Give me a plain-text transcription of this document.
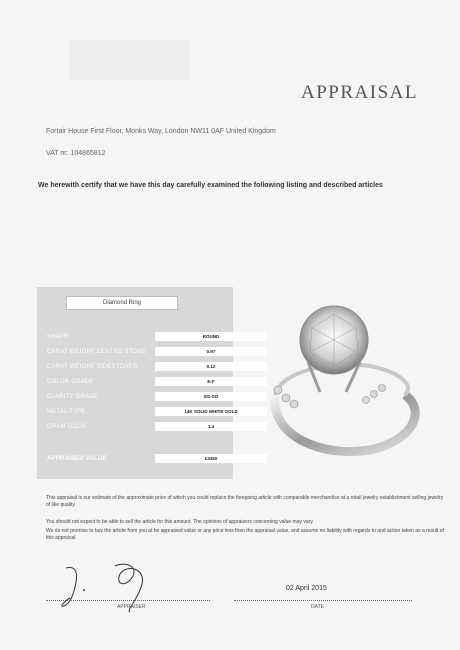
APPRAISAL
Fortair House First Floor, Monks Way, London NW11 0AF United Kingdom
VAT nr: 104865812
We herewith certify that we have this day carefully examined the following listing and described articles
Diamond Ring
SHAPE	ROUND
CARAT WEIGHT CENTRE STONE	0.97
CARAT WEIGHT SIDESTONES	0.12
COLOR GRADE	E-F
CLARITY GRADE	SI1-SI2
METAL TYPE	14K SOLID WHITE GOLD
GRAM GOLD	1.4
APPRAISED VALUE	£3450
This appraisal is our estimate of the approximate price of which you could replace the foregoing article with comparable merchandise at a retail jewelry establishment selling jewelry of like quality
You should not expect to be able to sell the article for this amount. The opinions of appraisers concerning value may vary.
We do not promise to buy the article from you at he appraised value or any price less then the appraisal value, and assume no liability with regards to and action taken as a result of this appraisal
APPRAISER
02 April 2015
DATE
